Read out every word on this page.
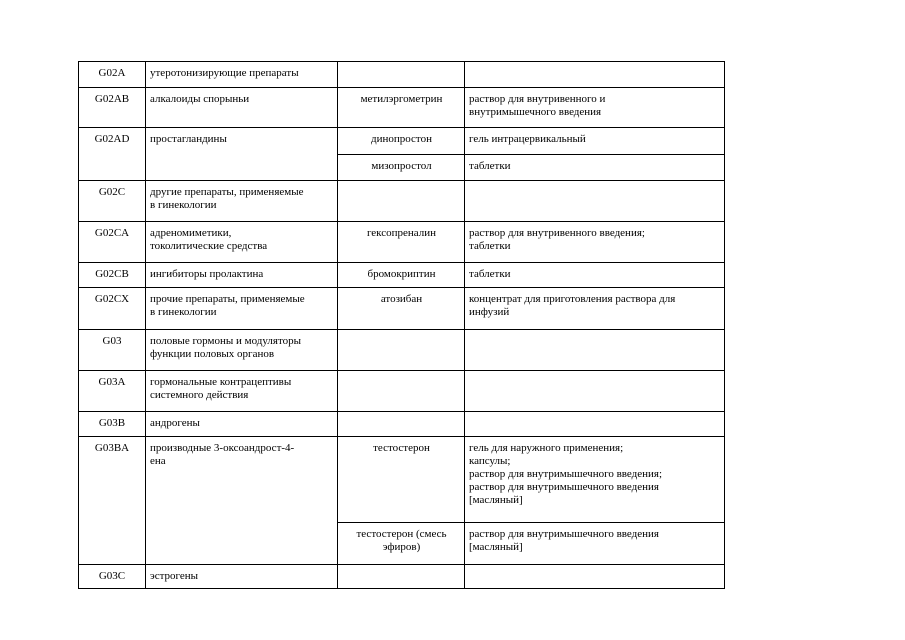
G02A	утеротонизирующие препараты		

G02AB	алкалоиды спорыньи	метилэргометрин	раствор для внутривенного и
внутримышечного введения

G02AD	простагландины	динопростон	гель интрацервикальный

		мизопростол	таблетки

G02C	другие препараты, применяемые
в гинекологии		

G02CA	адреномиметики,
токолитические средства	гексопреналин	раствор для внутривенного введения;
таблетки

G02CB	ингибиторы пролактина	бромокриптин	таблетки

G02CX	прочие препараты, применяемые
в гинекологии	атозибан	концентрат для приготовления раствора для
инфузий

G03	половые гормоны и модуляторы
функции половых органов		

G03A	гормональные контрацептивы
системного действия		

G03B	андрогены		

G03BA	производные 3-оксоандрост-4-
ена	тестостерон	гель для наружного применения;
капсулы;
раствор для внутримышечного введения;
раствор для внутримышечного введения
[масляный]

		тестостерон (смесь
эфиров)	раствор для внутримышечного введения
[масляный]

G03C	эстрогены		
